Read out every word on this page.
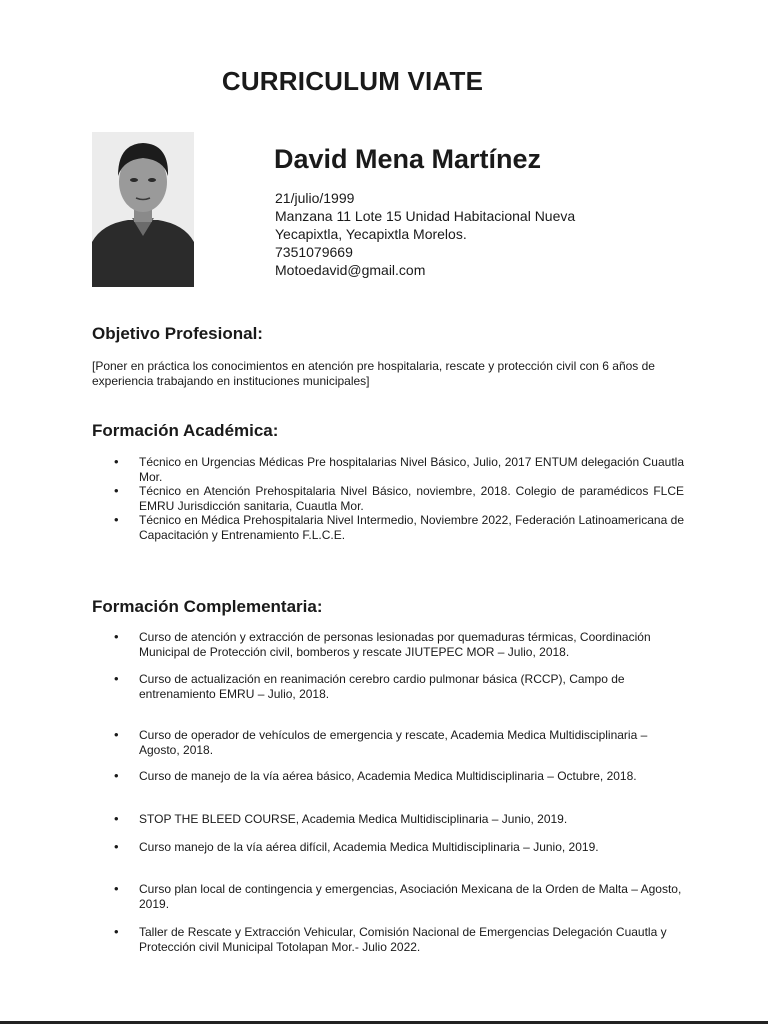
CURRICULUM VIATE
David Mena Martínez
21/julio/1999
Manzana 11 Lote 15 Unidad Habitacional Nueva
Yecapixtla, Yecapixtla Morelos.
7351079669
Motoedavid@gmail.com
Objetivo Profesional:
[Poner en práctica los conocimientos en atención pre hospitalaria, rescate y protección civil con 6 años de experiencia trabajando en instituciones municipales]
Formación Académica:
• Técnico en Urgencias Médicas Pre hospitalarias Nivel Básico, Julio, 2017 ENTUM delegación Cuautla Mor.
• Técnico en Atención Prehospitalaria Nivel Básico, noviembre, 2018. Colegio de paramédicos FLCE EMRU Jurisdicción sanitaria, Cuautla Mor.
• Técnico en Médica Prehospitalaria Nivel Intermedio, Noviembre 2022, Federación Latinoamericana de Capacitación y Entrenamiento F.L.C.E.
Formación Complementaria:
• Curso de atención y extracción de personas lesionadas por quemaduras térmicas, Coordinación Municipal de Protección civil, bomberos y rescate JIUTEPEC MOR – Julio, 2018.
• Curso de actualización en reanimación cerebro cardio pulmonar básica (RCCP), Campo de entrenamiento EMRU – Julio, 2018.
• Curso de operador de vehículos de emergencia y rescate, Academia Medica Multidisciplinaria – Agosto, 2018.
• Curso de manejo de la vía aérea básico, Academia Medica Multidisciplinaria – Octubre, 2018.
• STOP THE BLEED COURSE, Academia Medica Multidisciplinaria – Junio, 2019.
• Curso manejo de la vía aérea difícil, Academia Medica Multidisciplinaria – Junio, 2019.
• Curso plan local de contingencia y emergencias, Asociación Mexicana de la Orden de Malta – Agosto, 2019.
• Taller de Rescate y Extracción Vehicular, Comisión Nacional de Emergencias Delegación Cuautla y Protección civil Municipal Totolapan Mor.- Julio 2022.
